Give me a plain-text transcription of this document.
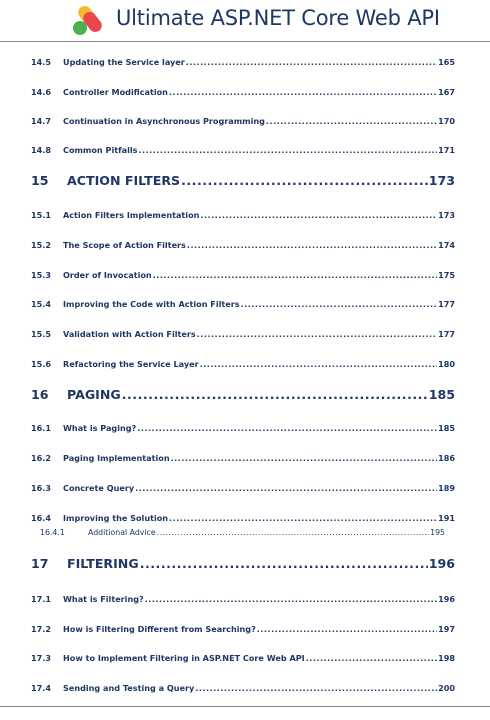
Ultimate ASP.NET Core Web API
14.5	Updating the Service layer .....	165
14.6	Controller Modification .....	167
14.7	Continuation in Asynchronous Programming .....	170
14.8	Common Pitfalls .....	171
15	ACTION FILTERS .....	173
15.1	Action Filters Implementation .....	173
15.2	The Scope of Action Filters .....	174
15.3	Order of Invocation .....	175
15.4	Improving the Code with Action Filters .....	177
15.5	Validation with Action Filters .....	177
15.6	Refactoring the Service Layer .....	180
16	PAGING .....	185
16.1	What is Paging? .....	185
16.2	Paging Implementation .....	186
16.3	Concrete Query .....	189
16.4	Improving the Solution .....	191
16.4.1	Additional Advice .....	195
17	FILTERING .....	196
17.1	What is Filtering? .....	196
17.2	How is Filtering Different from Searching? .....	197
17.3	How to Implement Filtering in ASP.NET Core Web API .....	198
17.4	Sending and Testing a Query .....	200
